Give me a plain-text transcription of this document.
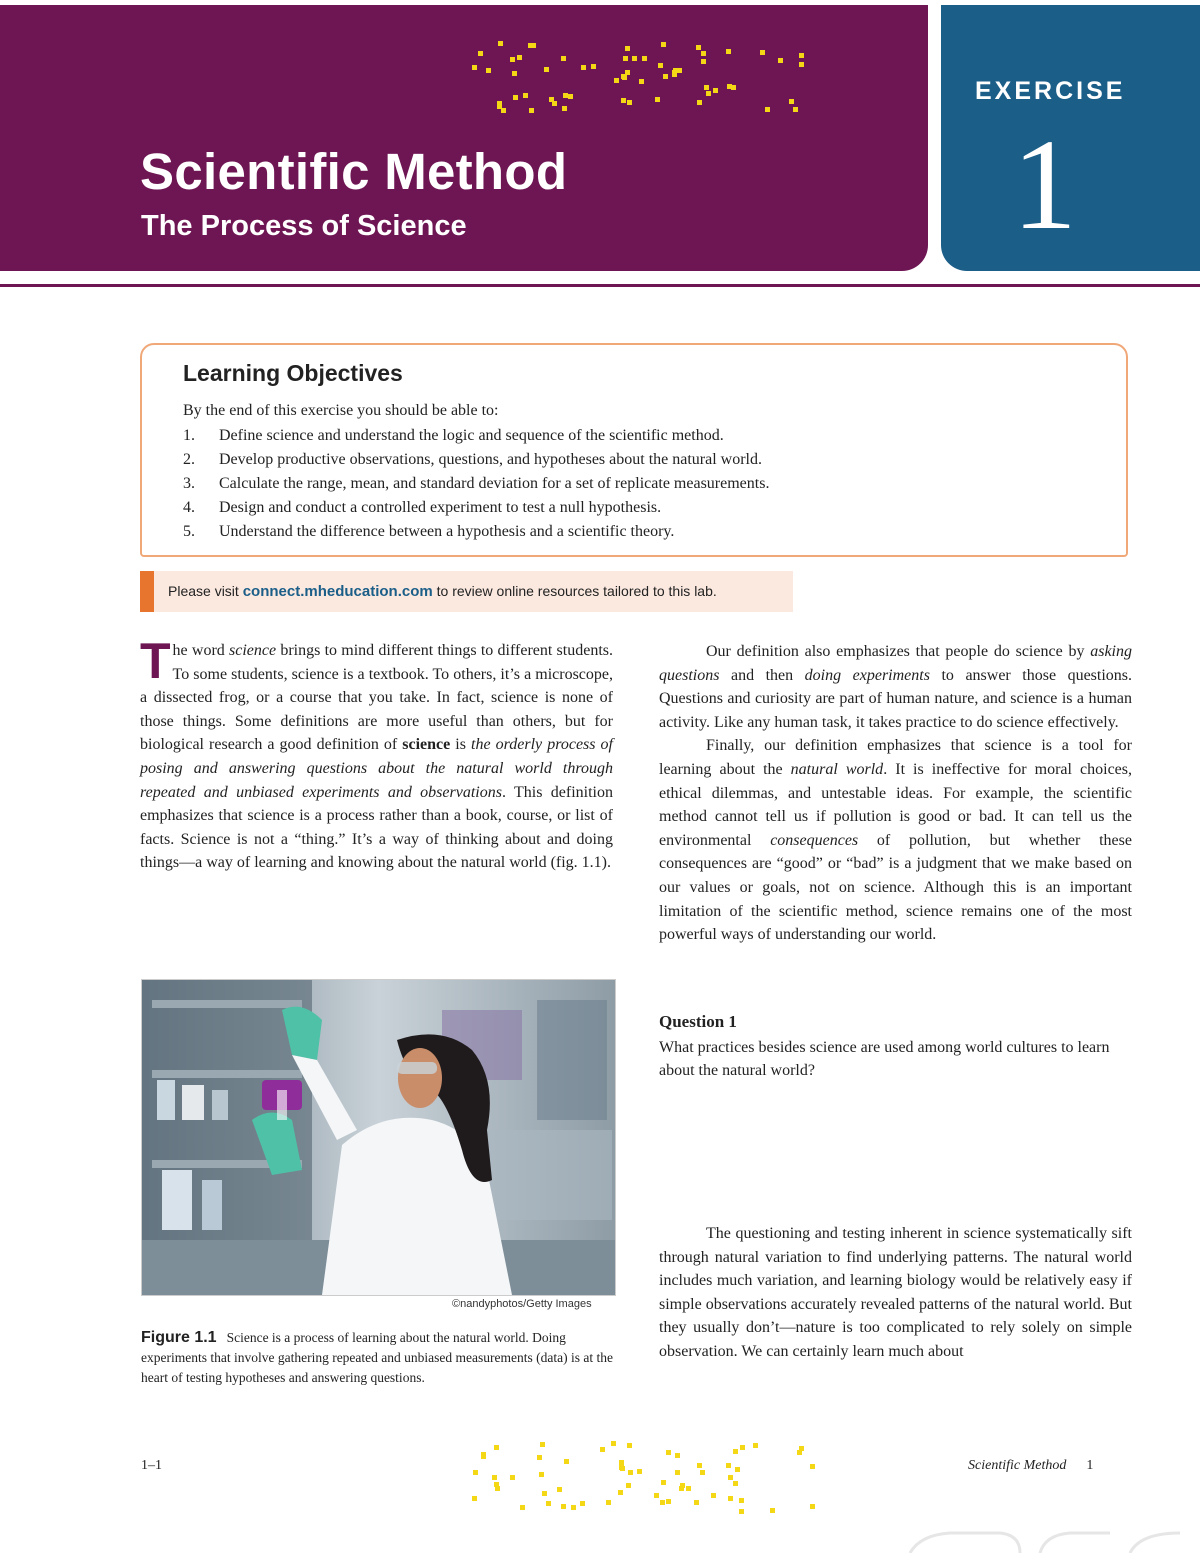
Scientific Method
The Process of Science
EXERCISE
1
Learning Objectives
By the end of this exercise you should be able to:
1. Define science and understand the logic and sequence of the scientific method.
2. Develop productive observations, questions, and hypotheses about the natural world.
3. Calculate the range, mean, and standard deviation for a set of replicate measurements.
4. Design and conduct a controlled experiment to test a null hypothesis.
5. Understand the difference between a hypothesis and a scientific theory.
Please visit connect.mheducation.com to review online resources tailored to this lab.

The word science brings to mind different things to different students. To some students, science is a textbook. To others, it’s a microscope, a dissected frog, or a course that you take. In fact, science is none of those things. Some definitions are more useful than others, but for biological research a good definition of science is the orderly process of posing and answering questions about the natural world through repeated and unbiased experiments and observations. This definition emphasizes that science is a process rather than a book, course, or list of facts. Science is not a “thing.” It’s a way of thinking about and doing things—a way of learning and knowing about the natural world (fig. 1.1).

©nandyphotos/Getty Images
Figure 1.1 Science is a process of learning about the natural world. Doing experiments that involve gathering repeated and unbiased measurements (data) is at the heart of testing hypotheses and answering questions.

Our definition also emphasizes that people do science by asking questions and then doing experiments to answer those questions. Questions and curiosity are part of human nature, and science is a human activity. Like any human task, it takes practice to do science effectively.

Finally, our definition emphasizes that science is a tool for learning about the natural world. It is ineffective for moral choices, ethical dilemmas, and untestable ideas. For example, the scientific method cannot tell us if pollution is good or bad. It can tell us the environmental consequences of pollution, but whether these consequences are “good” or “bad” is a judgment that we make based on our values or goals, not on science. Although this is an important limitation of the scientific method, science remains one of the most powerful ways of understanding our world.

Question 1
What practices besides science are used among world cultures to learn about the natural world?

The questioning and testing inherent in science systematically sift through natural variation to find underlying patterns. The natural world includes much variation, and learning biology would be relatively easy if simple observations accurately revealed patterns of the natural world. But they usually don’t—nature is too complicated to rely solely on simple observation. We can certainly learn much about

1–1	Scientific Method 1
